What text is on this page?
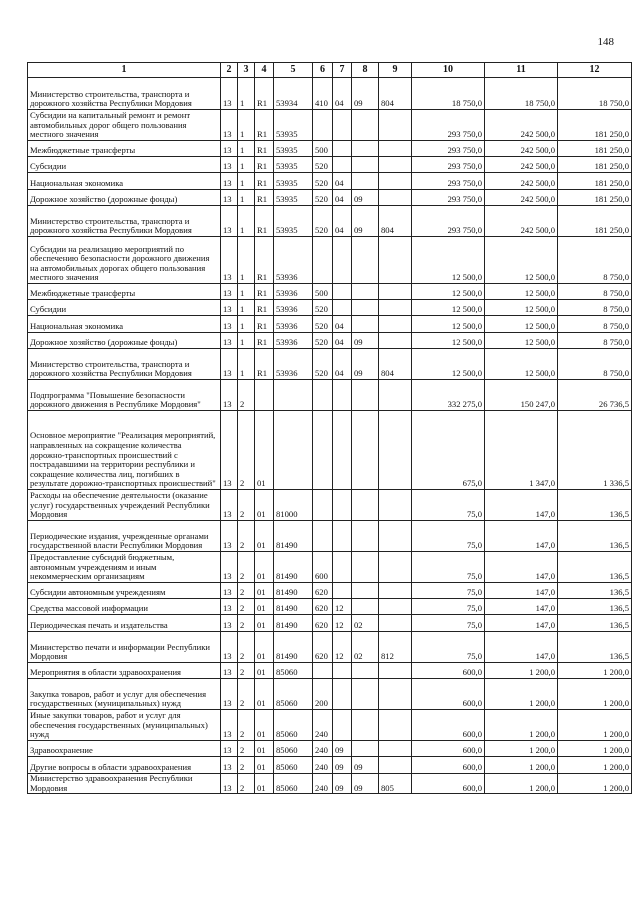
148
1	2	3	4	5	6	7	8	9	10	11	12
Министерство строительства, транспорта и дорожного хозяйства Республики Мордовия	13	1	R1	53934	410	04	09	804	18 750,0	18 750,0	18 750,0
Субсидии на капитальный ремонт и ремонт автомобильных дорог общего пользования местного значения	13	1	R1	53935					293 750,0	242 500,0	181 250,0
Межбюджетные трансферты	13	1	R1	53935	500				293 750,0	242 500,0	181 250,0
Субсидии	13	1	R1	53935	520				293 750,0	242 500,0	181 250,0
Национальная экономика	13	1	R1	53935	520	04			293 750,0	242 500,0	181 250,0
Дорожное хозяйство (дорожные фонды)	13	1	R1	53935	520	04	09		293 750,0	242 500,0	181 250,0
Министерство строительства, транспорта и дорожного хозяйства Республики Мордовия	13	1	R1	53935	520	04	09	804	293 750,0	242 500,0	181 250,0
Субсидии на реализацию мероприятий по обеспечению безопасности дорожного движения на автомобильных дорогах общего пользования местного значения	13	1	R1	53936					12 500,0	12 500,0	8 750,0
Межбюджетные трансферты	13	1	R1	53936	500				12 500,0	12 500,0	8 750,0
Субсидии	13	1	R1	53936	520				12 500,0	12 500,0	8 750,0
Национальная экономика	13	1	R1	53936	520	04			12 500,0	12 500,0	8 750,0
Дорожное хозяйство (дорожные фонды)	13	1	R1	53936	520	04	09		12 500,0	12 500,0	8 750,0
Министерство строительства, транспорта и дорожного хозяйства Республики Мордовия	13	1	R1	53936	520	04	09	804	12 500,0	12 500,0	8 750,0
Подпрограмма "Повышение безопасности дорожного движения в Республике Мордовия"	13	2							332 275,0	150 247,0	26 736,5
Основное мероприятие "Реализация мероприятий, направленных на сокращение количества дорожно-транспортных происшествий с пострадавшими на территории республики и сокращение количества лиц, погибших в результате дорожно-транспортных происшествий"	13	2	01						675,0	1 347,0	1 336,5
Расходы на обеспечение деятельности (оказание услуг) государственных учреждений Республики Мордовия	13	2	01	81000					75,0	147,0	136,5
Периодические издания, учрежденные органами государственной власти Республики Мордовия	13	2	01	81490					75,0	147,0	136,5
Предоставление субсидий бюджетным, автономным учреждениям и иным некоммерческим организациям	13	2	01	81490	600				75,0	147,0	136,5
Субсидии автономным учреждениям	13	2	01	81490	620				75,0	147,0	136,5
Средства массовой информации	13	2	01	81490	620	12			75,0	147,0	136,5
Периодическая печать и издательства	13	2	01	81490	620	12	02		75,0	147,0	136,5
Министерство печати и информации Республики Мордовия	13	2	01	81490	620	12	02	812	75,0	147,0	136,5
Мероприятия в области здравоохранения	13	2	01	85060					600,0	1 200,0	1 200,0
Закупка товаров, работ и услуг для обеспечения государственных (муниципальных) нужд	13	2	01	85060	200				600,0	1 200,0	1 200,0
Иные закупки товаров, работ и услуг для обеспечения государственных (муниципальных) нужд	13	2	01	85060	240				600,0	1 200,0	1 200,0
Здравоохранение	13	2	01	85060	240	09			600,0	1 200,0	1 200,0
Другие вопросы в области здравоохранения	13	2	01	85060	240	09	09		600,0	1 200,0	1 200,0
Министерство здравоохранения Республики Мордовия	13	2	01	85060	240	09	09	805	600,0	1 200,0	1 200,0
